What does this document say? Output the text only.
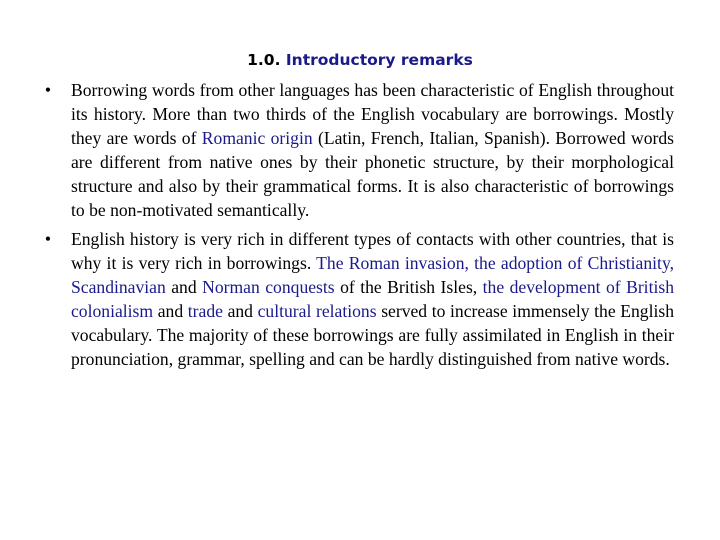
1.0. Introductory remarks
• Borrowing words from other languages has been characteristic of English throughout its history. More than two thirds of the English vocabulary are borrowings. Mostly they are words of Romanic origin (Latin, French, Italian, Spanish). Borrowed words are different from native ones by their phonetic structure, by their morphological structure and also by their grammatical forms. It is also characteristic of borrowings to be non-motivated semantically.
• English history is very rich in different types of contacts with other countries, that is why it is very rich in borrowings. The Roman invasion, the adoption of Christianity, Scandinavian and Norman conquests of the British Isles, the development of British colonialism and trade and cultural relations served to increase immensely the English vocabulary. The majority of these borrowings are fully assimilated in English in their pronunciation, grammar, spelling and can be hardly distinguished from native words.
